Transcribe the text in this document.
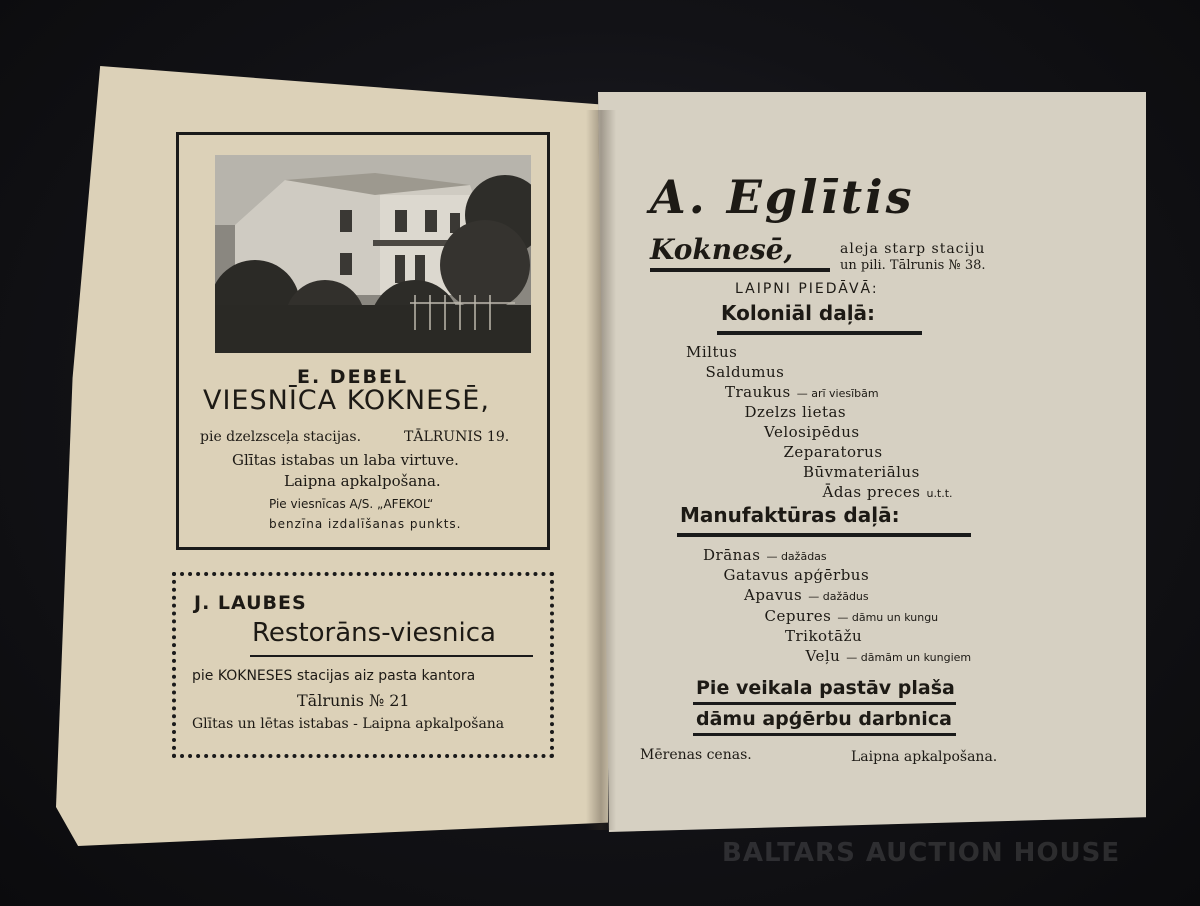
E. DEBEL
VIESNĪCA KOKNESĒ,
pie dzelzsceļa stacijas.	TĀLRUNIS 19.
Glītas istabas un laba virtuve.
Laipna apkalpošana.
Pie viesnīcas A/S. „AFEKOL“
benzīna izdalīšanas punkts.
J. LAUBES
Restorāns-viesnica
pie KOKNESES stacijas aiz pasta kantora
Tālrunis № 21
Glītas un lētas istabas - Laipna apkalpošana
A. Eglītis
Koknesē,	aleja starp staciju
un pili. Tālrunis № 38.
LAIPNI PIEDĀVĀ:
Koloniāl daļā:
Miltus
Saldumus
Traukus — arī viesībām
Dzelzs lietas
Velosipēdus
Zeparatorus
Būvmateriālus
Ādas preces u.t.t.
Manufaktūras daļā:
Drānas — dažādas
Gatavus apģērbus
Apavus — dažādus
Cepures — dāmu un kungu
Trikotāžu
Veļu — dāmām un kungiem
Pie veikala pastāv plaša
dāmu apģērbu darbnica
Mērenas cenas.	Laipna apkalpošana.
BALTARS AUCTION HOUSE
